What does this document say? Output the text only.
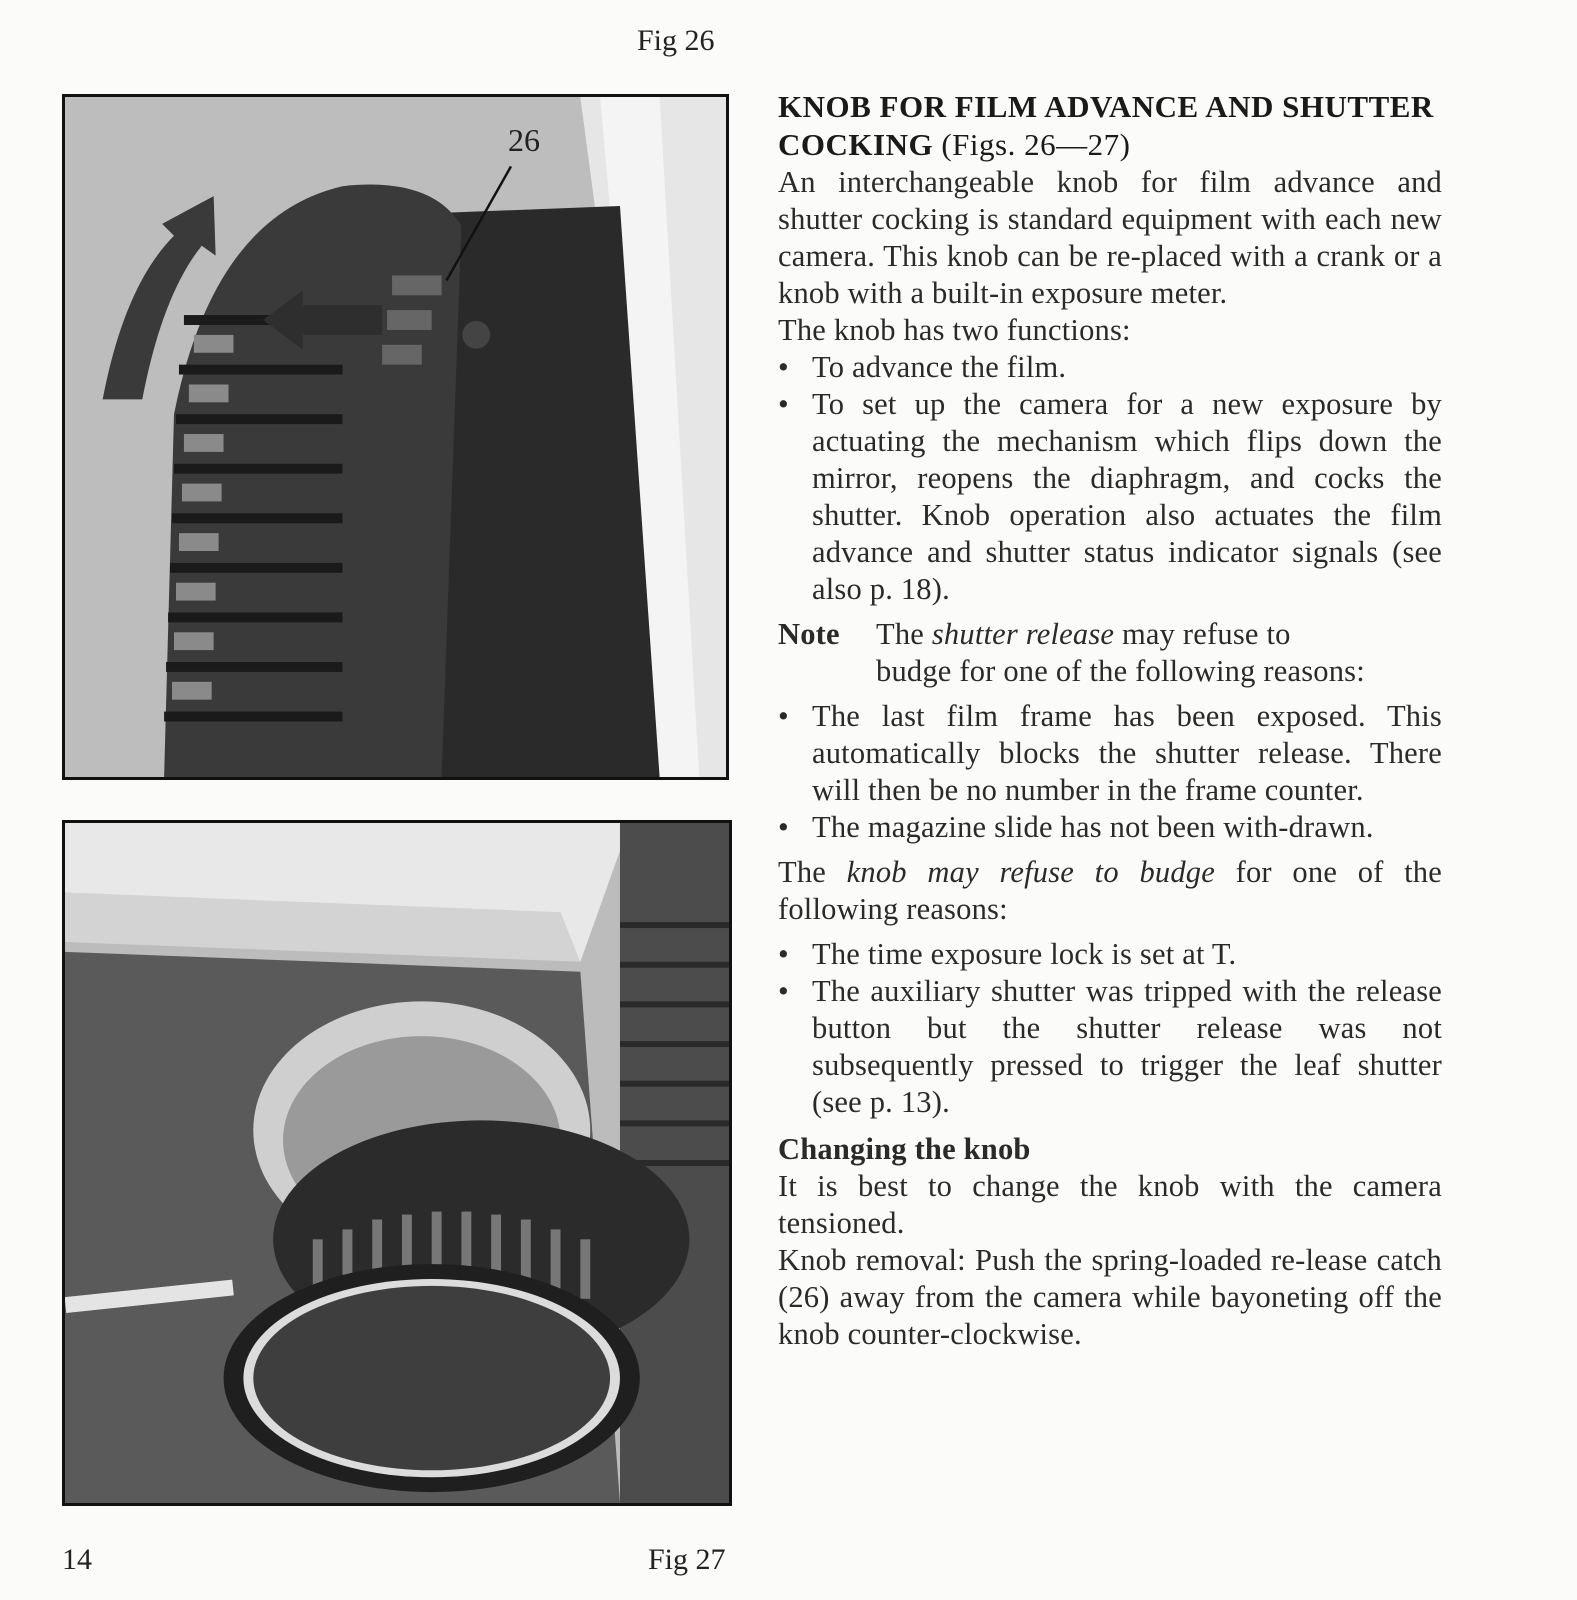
Fig 26
Fig 27
26
14
KNOB FOR FILM ADVANCE AND SHUTTER COCKING (Figs. 26—27)

An interchangeable knob for film advance and shutter cocking is standard equipment with each new camera. This knob can be re-placed with a crank or a knob with a built-in exposure meter.

The knob has two functions:

• To advance the film.
• To set up the camera for a new exposure by actuating the mechanism which flips down the mirror, reopens the diaphragm, and cocks the shutter. Knob operation also actuates the film advance and shutter status indicator signals (see also p. 18).
Note	The shutter release may refuse to budge for one of the following reasons:
• The last film frame has been exposed. This automatically blocks the shutter release. There will then be no number in the frame counter.
• The magazine slide has not been with-drawn.

The knob may refuse to budge for one of the following reasons:

• The time exposure lock is set at T.
• The auxiliary shutter was tripped with the release button but the shutter release was not subsequently pressed to trigger the leaf shutter (see p. 13).
Changing the knob

It is best to change the knob with the camera tensioned.

Knob removal: Push the spring-loaded re-lease catch (26) away from the camera while bayoneting off the knob counter-clockwise.
